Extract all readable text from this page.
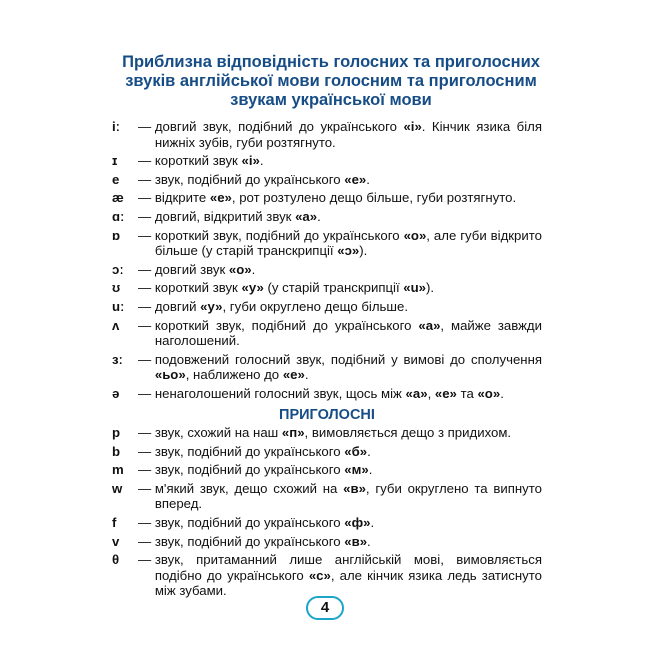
Приблизна відповідність голосних та приголосних
звуків англійської мови голосним та приголосним
звукам української мови
iː	— довгий звук, подібний до українського «і». Кінчик язика біля нижніх зубів, губи розтягнуто.
ɪ	— короткий звук «і».
e	— звук, подібний до українського «е».
æ	— відкрите «е», рот розтулено дещо більше, губи розтягнуто.
ɑː	— довгий, відкритий звук «а».
ɒ	— короткий звук, подібний до українського «о», але губи відкрито більше (у старій транскрипції «ɔ»).
ɔː	— довгий звук «о».
ʊ	— короткий звук «у» (у старій транскрипції «u»).
uː	— довгий «у», губи округлено дещо більше.
ʌ	— короткий звук, подібний до українського «а», майже завжди наголошений.
ɜː	— подовжений голосний звук, подібний у вимові до сполучення «ьо», наближено до «е».
ə	— ненаголошений голосний звук, щось між «а», «е» та «о».
ПРИГОЛОСНІ
p	— звук, схожий на наш «п», вимовляється дещо з придихом.
b	— звук, подібний до українського «б».
m	— звук, подібний до українського «м».
w	— м'який звук, дещо схожий на «в», губи округлено та випнуто вперед.
f	— звук, подібний до українського «ф».
v	— звук, подібний до українського «в».
θ	— звук, притаманний лише англійській мові, вимовляється подібно до українського «с», але кінчик язика ледь затиснуто між зубами.
4
